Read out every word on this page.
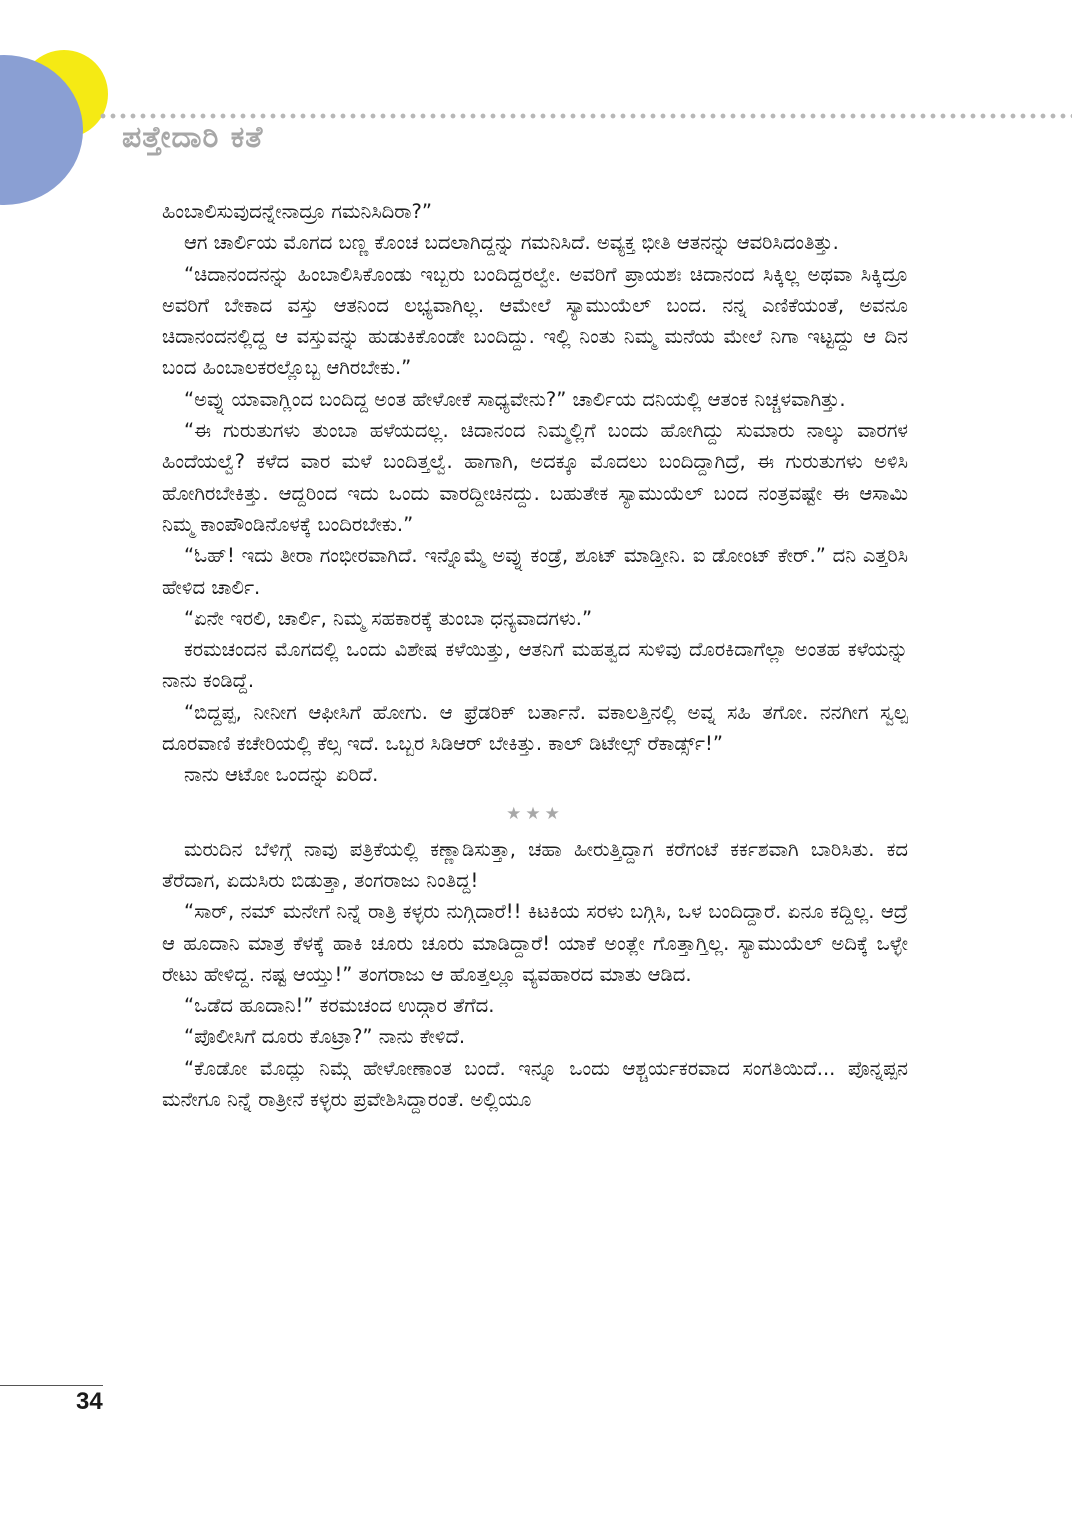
ಪತ್ತೇದಾರಿ ಕತೆ

ಹಿಂಬಾಲಿಸುವುದನ್ನೇನಾದ್ರೂ ಗಮನಿಸಿದಿರಾ?”

ಆಗ ಚಾರ್ಲಿಯ ಮೊಗದ ಬಣ್ಣ ಕೊಂಚ ಬದಲಾಗಿದ್ದನ್ನು ಗಮನಿಸಿದೆ. ಅವ್ಯಕ್ತ ಭೀತಿ ಆತನನ್ನು ಆವರಿಸಿದಂತಿತ್ತು.

“ಚಿದಾನಂದನನ್ನು ಹಿಂಬಾಲಿಸಿಕೊಂಡು ಇಬ್ಬರು ಬಂದಿದ್ದರಲ್ವೇ. ಅವರಿಗೆ ಪ್ರಾಯಶಃ ಚಿದಾನಂದ ಸಿಕ್ಕಿಲ್ಲ ಅಥವಾ ಸಿಕ್ಕಿದ್ರೂ ಅವರಿಗೆ ಬೇಕಾದ ವಸ್ತು ಆತನಿಂದ ಲಭ್ಯವಾಗಿಲ್ಲ. ಆಮೇಲೆ ಸ್ಯಾಮುಯೆಲ್ ಬಂದ. ನನ್ನ ಎಣಿಕೆಯಂತೆ, ಅವನೂ ಚಿದಾನಂದನಲ್ಲಿದ್ದ ಆ ವಸ್ತುವನ್ನು ಹುಡುಕಿಕೊಂಡೇ ಬಂದಿದ್ದು. ಇಲ್ಲಿ ನಿಂತು ನಿಮ್ಮ ಮನೆಯ ಮೇಲೆ ನಿಗಾ ಇಟ್ಟದ್ದು ಆ ದಿನ ಬಂದ ಹಿಂಬಾಲಕರಲ್ಲೊಬ್ಬ ಆಗಿರಬೇಕು.”

“ಅವ್ನು ಯಾವಾಗ್ಲಿಂದ ಬಂದಿದ್ದ ಅಂತ ಹೇಳೋಕೆ ಸಾಧ್ಯವೇನು?” ಚಾರ್ಲಿಯ ದನಿಯಲ್ಲಿ ಆತಂಕ ನಿಚ್ಚಳವಾಗಿತ್ತು.

“ಈ ಗುರುತುಗಳು ತುಂಬಾ ಹಳೆಯದಲ್ಲ. ಚಿದಾನಂದ ನಿಮ್ಮಲ್ಲಿಗೆ ಬಂದು ಹೋಗಿದ್ದು ಸುಮಾರು ನಾಲ್ಕು ವಾರಗಳ ಹಿಂದೆಯಲ್ವೆ? ಕಳೆದ ವಾರ ಮಳೆ ಬಂದಿತ್ತಲ್ವೆ. ಹಾಗಾಗಿ, ಅದಕ್ಕೂ ಮೊದಲು ಬಂದಿದ್ದಾಗಿದ್ರೆ, ಈ ಗುರುತುಗಳು ಅಳಿಸಿ ಹೋಗಿರಬೇಕಿತ್ತು. ಆದ್ದರಿಂದ ಇದು ಒಂದು ವಾರದ್ದೀಚಿನದ್ದು. ಬಹುತೇಕ ಸ್ಯಾಮುಯೆಲ್ ಬಂದ ನಂತ್ರವಷ್ಟೇ ಈ ಆಸಾಮಿ ನಿಮ್ಮ ಕಾಂಪೌಂಡಿನೊಳಕ್ಕೆ ಬಂದಿರಬೇಕು.”

“ಓಹ್! ಇದು ತೀರಾ ಗಂಭೀರವಾಗಿದೆ. ಇನ್ನೊಮ್ಮೆ ಅವ್ನು ಕಂಡ್ರೆ, ಶೂಟ್ ಮಾಡ್ತೀನಿ. ಐ ಡೋಂಟ್ ಕೇರ್.” ದನಿ ಎತ್ತರಿಸಿ ಹೇಳಿದ ಚಾರ್ಲಿ.

“ಏನೇ ಇರಲಿ, ಚಾರ್ಲಿ, ನಿಮ್ಮ ಸಹಕಾರಕ್ಕೆ ತುಂಬಾ ಧನ್ಯವಾದಗಳು.”

ಕರಮಚಂದನ ಮೊಗದಲ್ಲಿ ಒಂದು ವಿಶೇಷ ಕಳೆಯಿತ್ತು, ಆತನಿಗೆ ಮಹತ್ವದ ಸುಳಿವು ದೊರಕಿದಾಗೆಲ್ಲಾ ಅಂತಹ ಕಳೆಯನ್ನು ನಾನು ಕಂಡಿದ್ದೆ.

“ಬಿದ್ದಪ್ಪ, ನೀನೀಗ ಆಫೀಸಿಗೆ ಹೋಗು. ಆ ಫ್ರೆಡರಿಕ್ ಬರ್ತಾನೆ. ವಕಾಲತ್ತಿನಲ್ಲಿ ಅವ್ನ ಸಹಿ ತಗೋ. ನನಗೀಗ ಸ್ವಲ್ಪ ದೂರವಾಣಿ ಕಚೇರಿಯಲ್ಲಿ ಕೆಲ್ಸ ಇದೆ. ಒಬ್ಬರ ಸಿಡಿಆರ್ ಬೇಕಿತ್ತು. ಕಾಲ್ ಡಿಟೇಲ್ಸ್ ರೆಕಾರ್ಡ್ಸ್!”

ನಾನು ಆಟೋ ಒಂದನ್ನು ಏರಿದೆ.

★★★

ಮರುದಿನ ಬೆಳಿಗ್ಗೆ ನಾವು ಪತ್ರಿಕೆಯಲ್ಲಿ ಕಣ್ಣಾಡಿಸುತ್ತಾ, ಚಹಾ ಹೀರುತ್ತಿದ್ದಾಗ ಕರೆಗಂಟೆ ಕರ್ಕಶವಾಗಿ ಬಾರಿಸಿತು. ಕದ ತೆರೆದಾಗ, ಏದುಸಿರು ಬಿಡುತ್ತಾ, ತಂಗರಾಜು ನಿಂತಿದ್ದ!

“ಸಾರ್, ನಮ್ ಮನೇಗೆ ನಿನ್ನೆ ರಾತ್ರಿ ಕಳ್ಳರು ನುಗ್ಗಿದಾರೆ!! ಕಿಟಕಿಯ ಸರಳು ಬಗ್ಗಿಸಿ, ಒಳ ಬಂದಿದ್ದಾರೆ. ಏನೂ ಕದ್ದಿಲ್ಲ. ಆದ್ರೆ ಆ ಹೂದಾನಿ ಮಾತ್ರ ಕೆಳಕ್ಕೆ ಹಾಕಿ ಚೂರು ಚೂರು ಮಾಡಿದ್ದಾರೆ! ಯಾಕೆ ಅಂತ್ಲೇ ಗೊತ್ತಾಗ್ತಿಲ್ಲ. ಸ್ಯಾಮುಯೆಲ್ ಅದಿಕ್ಕೆ ಒಳ್ಳೇ ರೇಟು ಹೇಳಿದ್ದ. ನಷ್ಟ ಆಯ್ತು!” ತಂಗರಾಜು ಆ ಹೊತ್ತಲ್ಲೂ ವ್ಯವಹಾರದ ಮಾತು ಆಡಿದ.

“ಒಡೆದ ಹೂದಾನಿ!” ಕರಮಚಂದ ಉದ್ಗಾರ ತೆಗೆದ.

“ಪೊಲೀಸಿಗೆ ದೂರು ಕೊಟ್ರಾ?” ನಾನು ಕೇಳಿದೆ.

“ಕೊಡೋ ಮೊದ್ಲು ನಿಮ್ಗೆ ಹೇಳೋಣಾಂತ ಬಂದೆ. ಇನ್ನೂ ಒಂದು ಆಶ್ಚರ್ಯಕರವಾದ ಸಂಗತಿಯಿದೆ... ಪೊನ್ನಪ್ಪನ ಮನೇಗೂ ನಿನ್ನೆ ರಾತ್ರೀನೆ ಕಳ್ಳರು ಪ್ರವೇಶಿಸಿದ್ದಾರಂತೆ. ಅಲ್ಲಿಯೂ

34
